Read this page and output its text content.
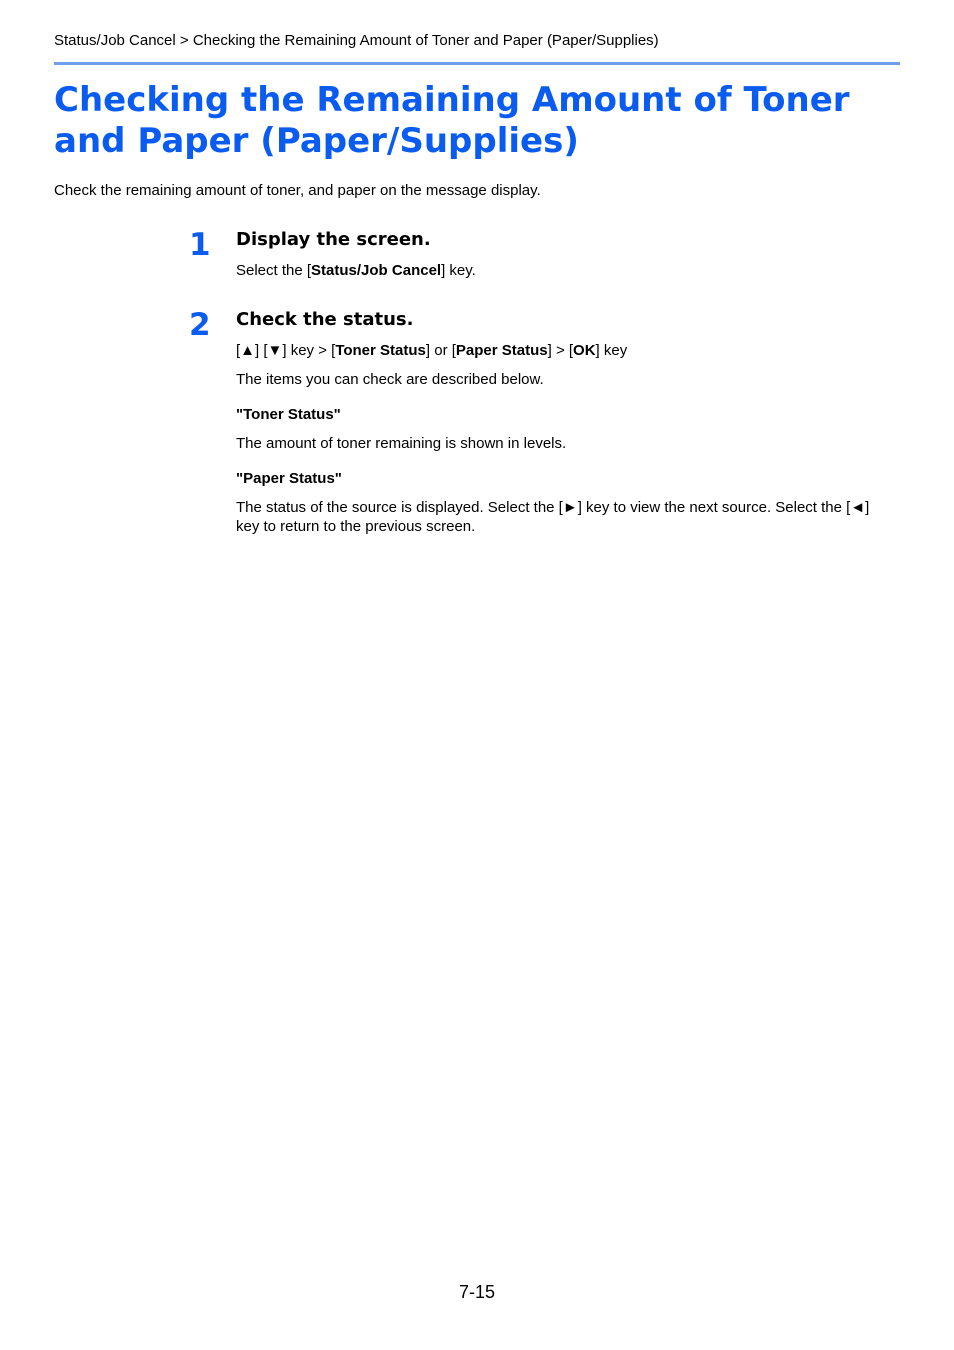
Status/Job Cancel > Checking the Remaining Amount of Toner and Paper (Paper/Supplies)
Checking the Remaining Amount of Toner and Paper (Paper/Supplies)
Check the remaining amount of toner, and paper on the message display.
1 Display the screen.
Select the [Status/Job Cancel] key.
2 Check the status.
[▲] [▼] key > [Toner Status] or [Paper Status] > [OK] key
The items you can check are described below.
"Toner Status"
The amount of toner remaining is shown in levels.
"Paper Status"
The status of the source is displayed. Select the [►] key to view the next source. Select the [◄] key to return to the previous screen.
7-15
